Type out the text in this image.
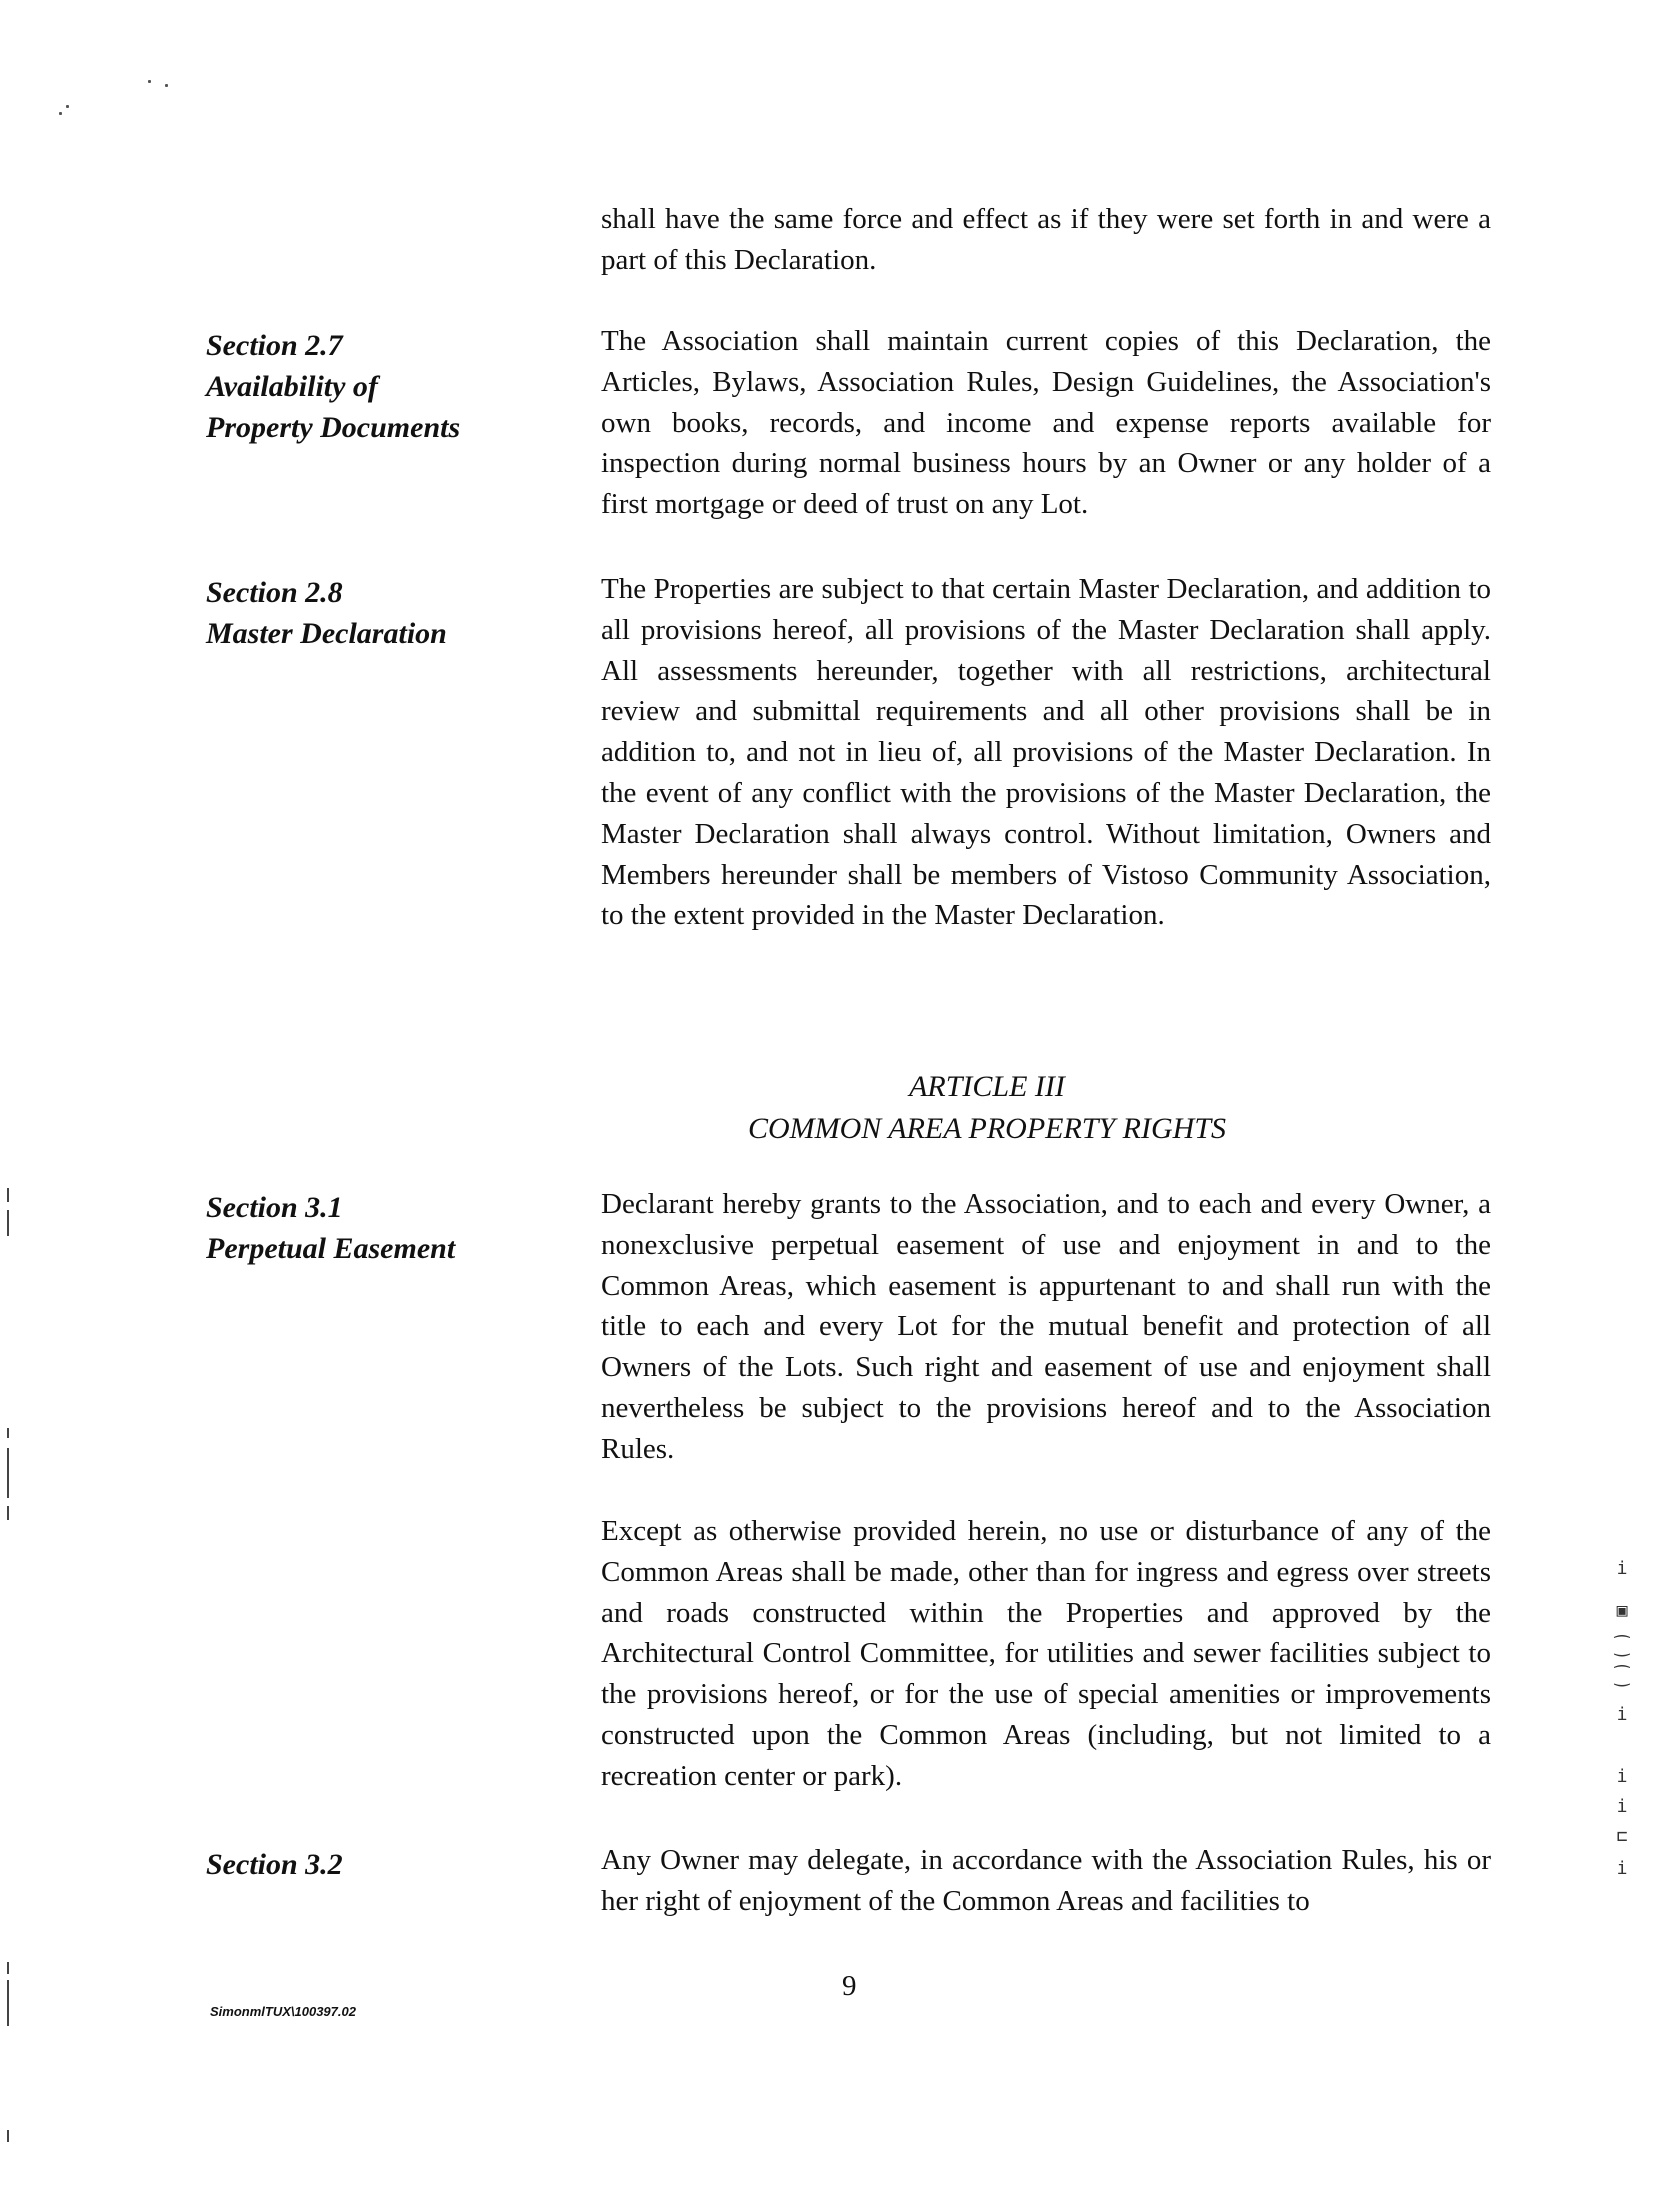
shall have the same force and effect as if they were set forth in and were a part of this Declaration.

Section 2.7
Availability of
Property Documents

The Association shall maintain current copies of this Declaration, the Articles, Bylaws, Association Rules, Design Guidelines, the Association's own books, records, and income and expense reports available for inspection during normal business hours by an Owner or any holder of a first mortgage or deed of trust on any Lot.

Section 2.8
Master Declaration

The Properties are subject to that certain Master Declaration, and addition to all provisions hereof, all provisions of the Master Declaration shall apply. All assessments hereunder, together with all restrictions, architectural review and submittal requirements and all other provisions shall be in addition to, and not in lieu of, all provisions of the Master Declaration. In the event of any conflict with the provisions of the Master Declaration, the Master Declaration shall always control. Without limitation, Owners and Members hereunder shall be members of Vistoso Community Association, to the extent provided in the Master Declaration.

ARTICLE III
COMMON AREA PROPERTY RIGHTS
Section 3.1
Perpetual Easement

Declarant hereby grants to the Association, and to each and every Owner, a nonexclusive perpetual easement of use and enjoyment in and to the Common Areas, which easement is appurtenant to and shall run with the title to each and every Lot for the mutual benefit and protection of all Owners of the Lots. Such right and easement of use and enjoyment shall nevertheless be subject to the provisions hereof and to the Association Rules.

Except as otherwise provided herein, no use or disturbance of any of the Common Areas shall be made, other than for ingress and egress over streets and roads constructed within the Properties and approved by the Architectural Control Committee, for utilities and sewer facilities subject to the provisions hereof, or for the use of special amenities or improvements constructed upon the Common Areas (including, but not limited to a recreation center or park).

Section 3.2	Any Owner may delegate, in accordance with the Association Rules, his or her right of enjoyment of the Common Areas and facilities to

SimonmlTUX\100397.02
9
i
▣
⁐
⁐
i
i
i
⊏
i
